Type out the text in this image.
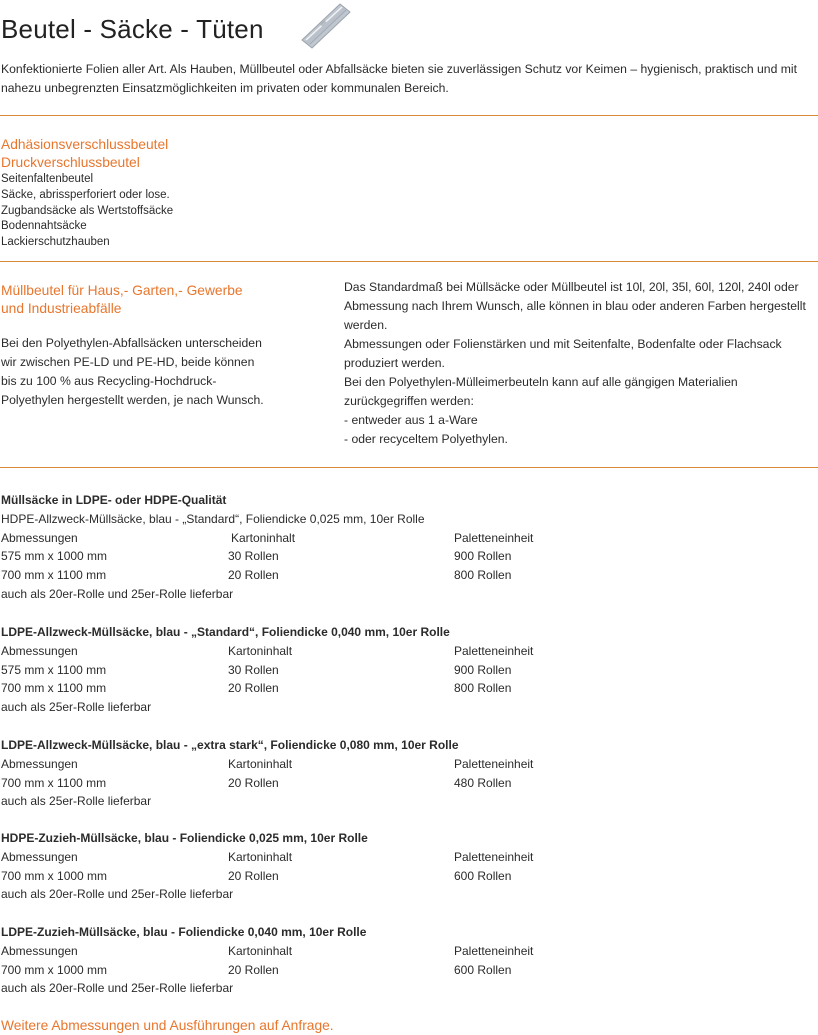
Beutel - Säcke - Tüten
Konfektionierte Folien aller Art. Als Hauben, Müllbeutel oder Abfallsäcke bieten sie zuverlässigen Schutz vor Keimen – hygienisch, praktisch und mit nahezu unbegrenzten Einsatzmöglichkeiten im privaten oder kommunalen Bereich.
Adhäsionsverschlussbeutel
Druckverschlussbeutel
Seitenfaltenbeutel
Säcke, abrissperforiert oder lose.
Zugbandsäcke als Wertstoffsäcke
Bodennahtsäcke
Lackierschutzhauben
Müllbeutel für Haus,- Garten,- Gewerbe und Industrieabfälle
Bei den Polyethylen-Abfallsäcken unterscheiden wir zwischen PE-LD und PE-HD, beide können bis zu 100 % aus Recycling-Hochdruck-Polyethylen hergestellt werden, je nach Wunsch.
Das Standardmaß bei Müllsäcke oder Müllbeutel ist 10l, 20l, 35l, 60l, 120l, 240l oder Abmessung nach Ihrem Wunsch, alle können in blau oder anderen Farben hergestellt werden.
Abmessungen oder Folienstärken und mit Seitenfalte, Bodenfalte oder Flachsack produziert werden.
Bei den Polyethylen-Mülleimerbeuteln kann auf alle gängigen Materialien zurückgegriffen werden:
- entweder aus 1 a-Ware
- oder recyceltem Polyethylen.
Müllsäcke in LDPE- oder HDPE-Qualität
HDPE-Allzweck-Müllsäcke, blau - „Standard“, Foliendicke 0,025 mm, 10er Rolle
Abmessungen	Kartoninhalt	Paletteneinheit
575 mm x 1000 mm	30 Rollen	900 Rollen
700 mm x 1100 mm	20 Rollen	800 Rollen
auch als 20er-Rolle und 25er-Rolle lieferbar
LDPE-Allzweck-Müllsäcke, blau - „Standard“, Foliendicke 0,040 mm, 10er Rolle
Abmessungen	Kartoninhalt	Paletteneinheit
575 mm x 1100 mm	30 Rollen	900 Rollen
700 mm x 1100 mm	20 Rollen	800 Rollen
auch als 25er-Rolle lieferbar
LDPE-Allzweck-Müllsäcke, blau - „extra stark“, Foliendicke 0,080 mm, 10er Rolle
Abmessungen	Kartoninhalt	Paletteneinheit
700 mm x 1100 mm	20 Rollen	480 Rollen
auch als 25er-Rolle lieferbar
HDPE-Zuzieh-Müllsäcke, blau - Foliendicke 0,025 mm, 10er Rolle
Abmessungen	Kartoninhalt	Paletteneinheit
700 mm x 1000 mm	20 Rollen	600 Rollen
auch als 20er-Rolle und 25er-Rolle lieferbar
LDPE-Zuzieh-Müllsäcke, blau - Foliendicke 0,040 mm, 10er Rolle
Abmessungen	Kartoninhalt	Paletteneinheit
700 mm x 1000 mm	20 Rollen	600 Rollen
auch als 20er-Rolle und 25er-Rolle lieferbar
Weitere Abmessungen und Ausführungen auf Anfrage.
